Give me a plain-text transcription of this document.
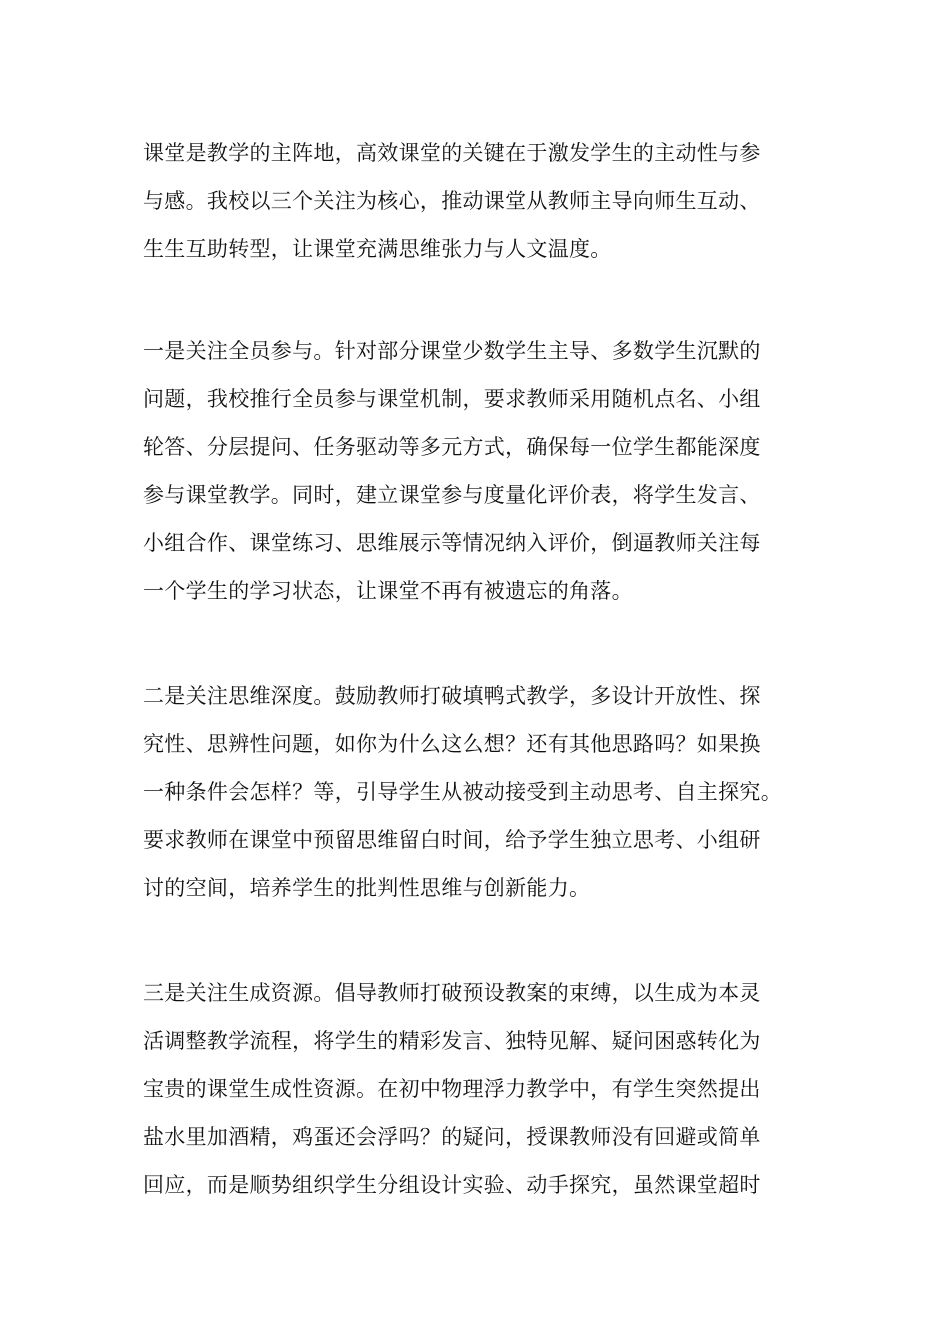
课堂是教学的主阵地，高效课堂的关键在于激发学生的主动性与参
与感。我校以三个关注为核心，推动课堂从教师主导向师生互动、
生生互助转型，让课堂充满思维张力与人文温度。
一是关注全员参与。针对部分课堂少数学生主导、多数学生沉默的
问题，我校推行全员参与课堂机制，要求教师采用随机点名、小组
轮答、分层提问、任务驱动等多元方式，确保每一位学生都能深度
参与课堂教学。同时，建立课堂参与度量化评价表，将学生发言、
小组合作、课堂练习、思维展示等情况纳入评价，倒逼教师关注每
一个学生的学习状态，让课堂不再有被遗忘的角落。
二是关注思维深度。鼓励教师打破填鸭式教学，多设计开放性、探
究性、思辨性问题，如你为什么这么想？还有其他思路吗？如果换
一种条件会怎样？等，引导学生从被动接受到主动思考、自主探究。
要求教师在课堂中预留思维留白时间，给予学生独立思考、小组研
讨的空间，培养学生的批判性思维与创新能力。
三是关注生成资源。倡导教师打破预设教案的束缚，以生成为本灵
活调整教学流程，将学生的精彩发言、独特见解、疑问困惑转化为
宝贵的课堂生成性资源。在初中物理浮力教学中，有学生突然提出
盐水里加酒精，鸡蛋还会浮吗？的疑问，授课教师没有回避或简单
回应，而是顺势组织学生分组设计实验、动手探究，虽然课堂超时
